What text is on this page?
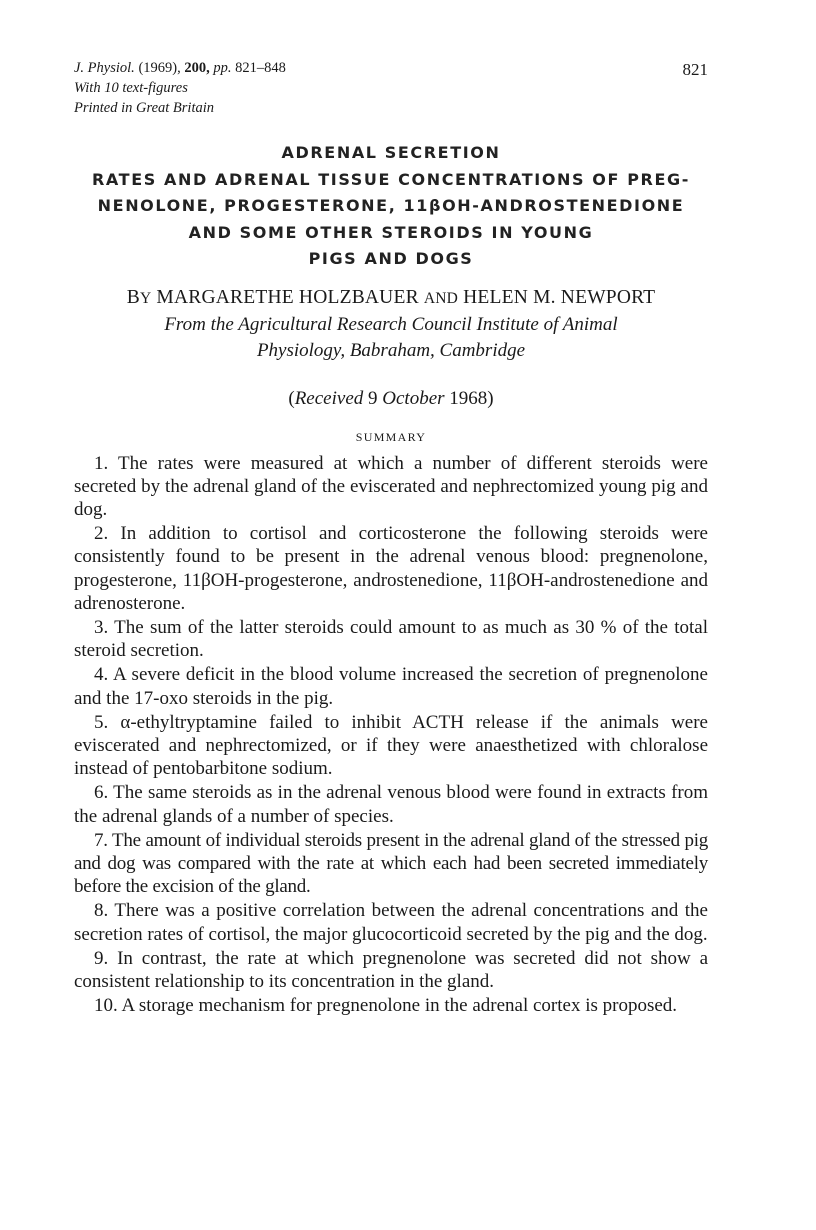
J. Physiol. (1969), 200, pp. 821–848
With 10 text-figures
Printed in Great Britain
821
ADRENAL SECRETION
RATES AND ADRENAL TISSUE CONCENTRATIONS OF PREG-
NENOLONE, PROGESTERONE, 11βOH-ANDROSTENEDIONE
AND SOME OTHER STEROIDS IN YOUNG
PIGS AND DOGS
BY MARGARETHE HOLZBAUER AND HELEN M. NEWPORT
From the Agricultural Research Council Institute of Animal
Physiology, Babraham, Cambridge
(Received 9 October 1968)
SUMMARY

1. The rates were measured at which a number of different steroids were secreted by the adrenal gland of the eviscerated and nephrectomized young pig and dog.

2. In addition to cortisol and corticosterone the following steroids were consistently found to be present in the adrenal venous blood: pregnenolone, progesterone, 11βOH-progesterone, androstenedione, 11βOH-androstenedione and adrenosterone.

3. The sum of the latter steroids could amount to as much as 30 % of the total steroid secretion.

4. A severe deficit in the blood volume increased the secretion of pregnenolone and the 17-oxo steroids in the pig.

5. α-ethyltryptamine failed to inhibit ACTH release if the animals were eviscerated and nephrectomized, or if they were anaesthetized with chloralose instead of pentobarbitone sodium.

6. The same steroids as in the adrenal venous blood were found in extracts from the adrenal glands of a number of species.

7. The amount of individual steroids present in the adrenal gland of the stressed pig and dog was compared with the rate at which each had been secreted immediately before the excision of the gland.

8. There was a positive correlation between the adrenal concentrations and the secretion rates of cortisol, the major glucocorticoid secreted by the pig and the dog.

9. In contrast, the rate at which pregnenolone was secreted did not show a consistent relationship to its concentration in the gland.

10. A storage mechanism for pregnenolone in the adrenal cortex is proposed.
